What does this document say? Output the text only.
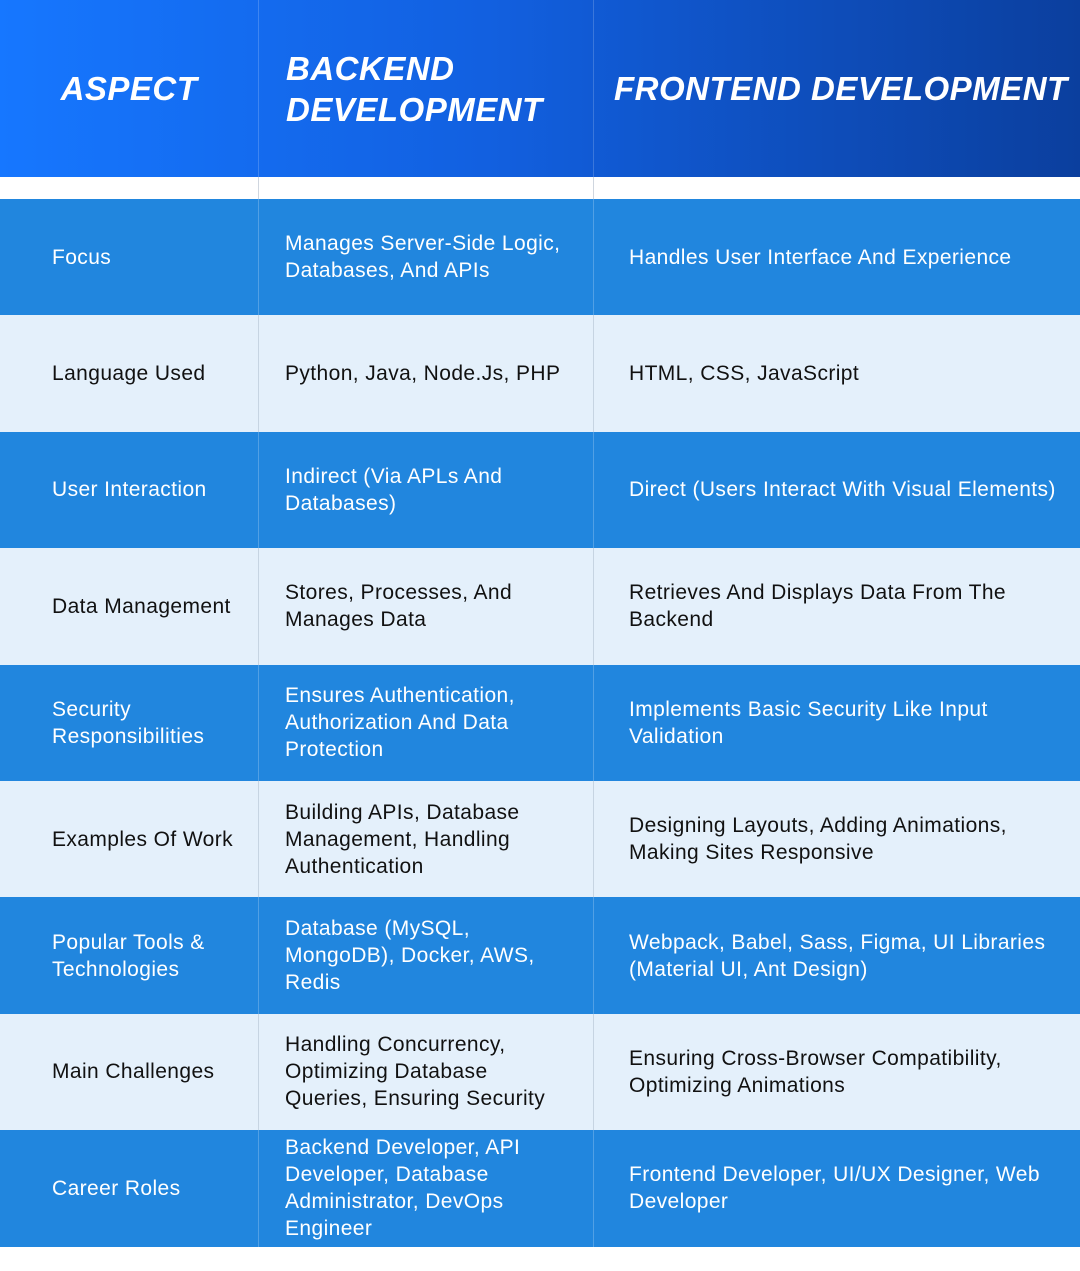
ASPECT
BACKEND DEVELOPMENT
FRONTEND DEVELOPMENT
Focus
Manages Server-Side Logic, Databases, And APIs
Handles User Interface And Experience
Language Used	Python, Java, Node.Js, PHP	HTML, CSS, JavaScript
User Interaction
Indirect (Via APLs And Databases)
Direct (Users Interact With Visual Elements)
Data Management
Stores, Processes, And Manages Data
Retrieves And Displays Data From The Backend
Security Responsibilities
Ensures Authentication, Authorization And Data Protection
Implements Basic Security Like Input Validation
Examples Of Work
Building APIs, Database Management, Handling Authentication
Designing Layouts, Adding Animations, Making Sites Responsive
Popular Tools & Technologies
Database (MySQL, MongoDB), Docker, AWS, Redis
Webpack, Babel, Sass, Figma, UI Libraries (Material UI, Ant Design)
Main Challenges
Handling Concurrency, Optimizing Database Queries, Ensuring Security
Ensuring Cross-Browser Compatibility, Optimizing Animations
Career Roles
Backend Developer, API Developer, Database Administrator, DevOps Engineer
Frontend Developer, UI/UX Designer, Web Developer
